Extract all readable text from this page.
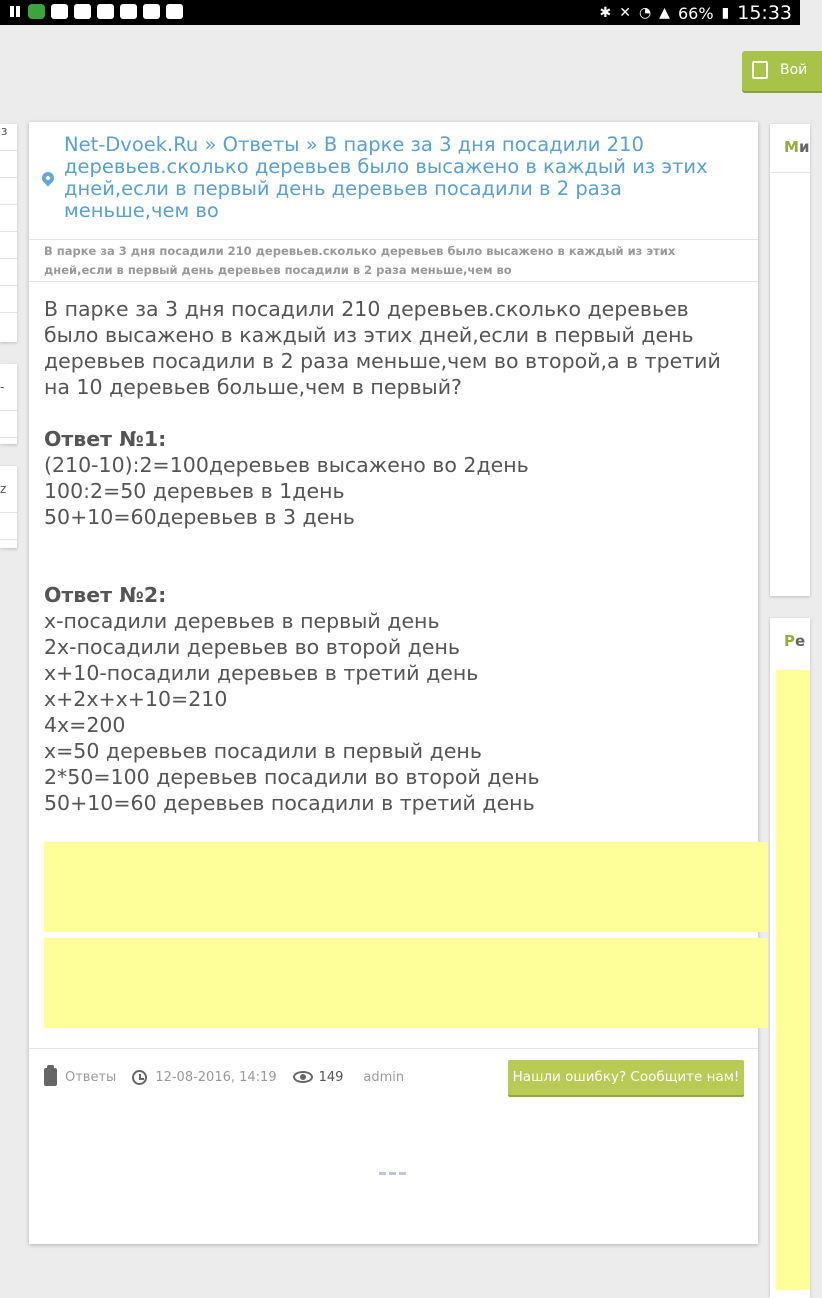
✱ ✕ ◔ ▲ 66% ▮ 15:33
Вой
з
-
z
Ми
Ре
Net-Dvoek.Ru » Ответы » В парке за 3 дня посадили 210 деревьев.сколько деревьев было высажено в каждый из этих дней,если в первый день деревьев посадили в 2 раза меньше,чем во
В парке за 3 дня посадили 210 деревьев.сколько деревьев было высажено в каждый из этих дней,если в первый день деревьев посадили в 2 раза меньше,чем во

В парке за 3 дня посадили 210 деревьев.сколько деревьев было высажено в каждый из этих дней,если в первый день деревьев посадили в 2 раза меньше,чем во второй,а в третий на 10 деревьев больше,чем в первый?

Ответ №1:

(210-10):2=100деревьев высажено во 2день

100:2=50 деревьев в 1день

50+10=60деревьев в 3 день

Ответ №2:

x-посадили деревьев в первый день

2x-посадили деревьев во второй день

x+10-посадили деревьев в третий день

x+2x+x+10=210

4x=200

x=50 деревьев посадили в первый день

2*50=100 деревьев посадили во второй день

50+10=60 деревьев посадили в третий день

Ответы	12-08-2016, 14:19	149 admin	Нашли ошибку? Сообщите нам!
